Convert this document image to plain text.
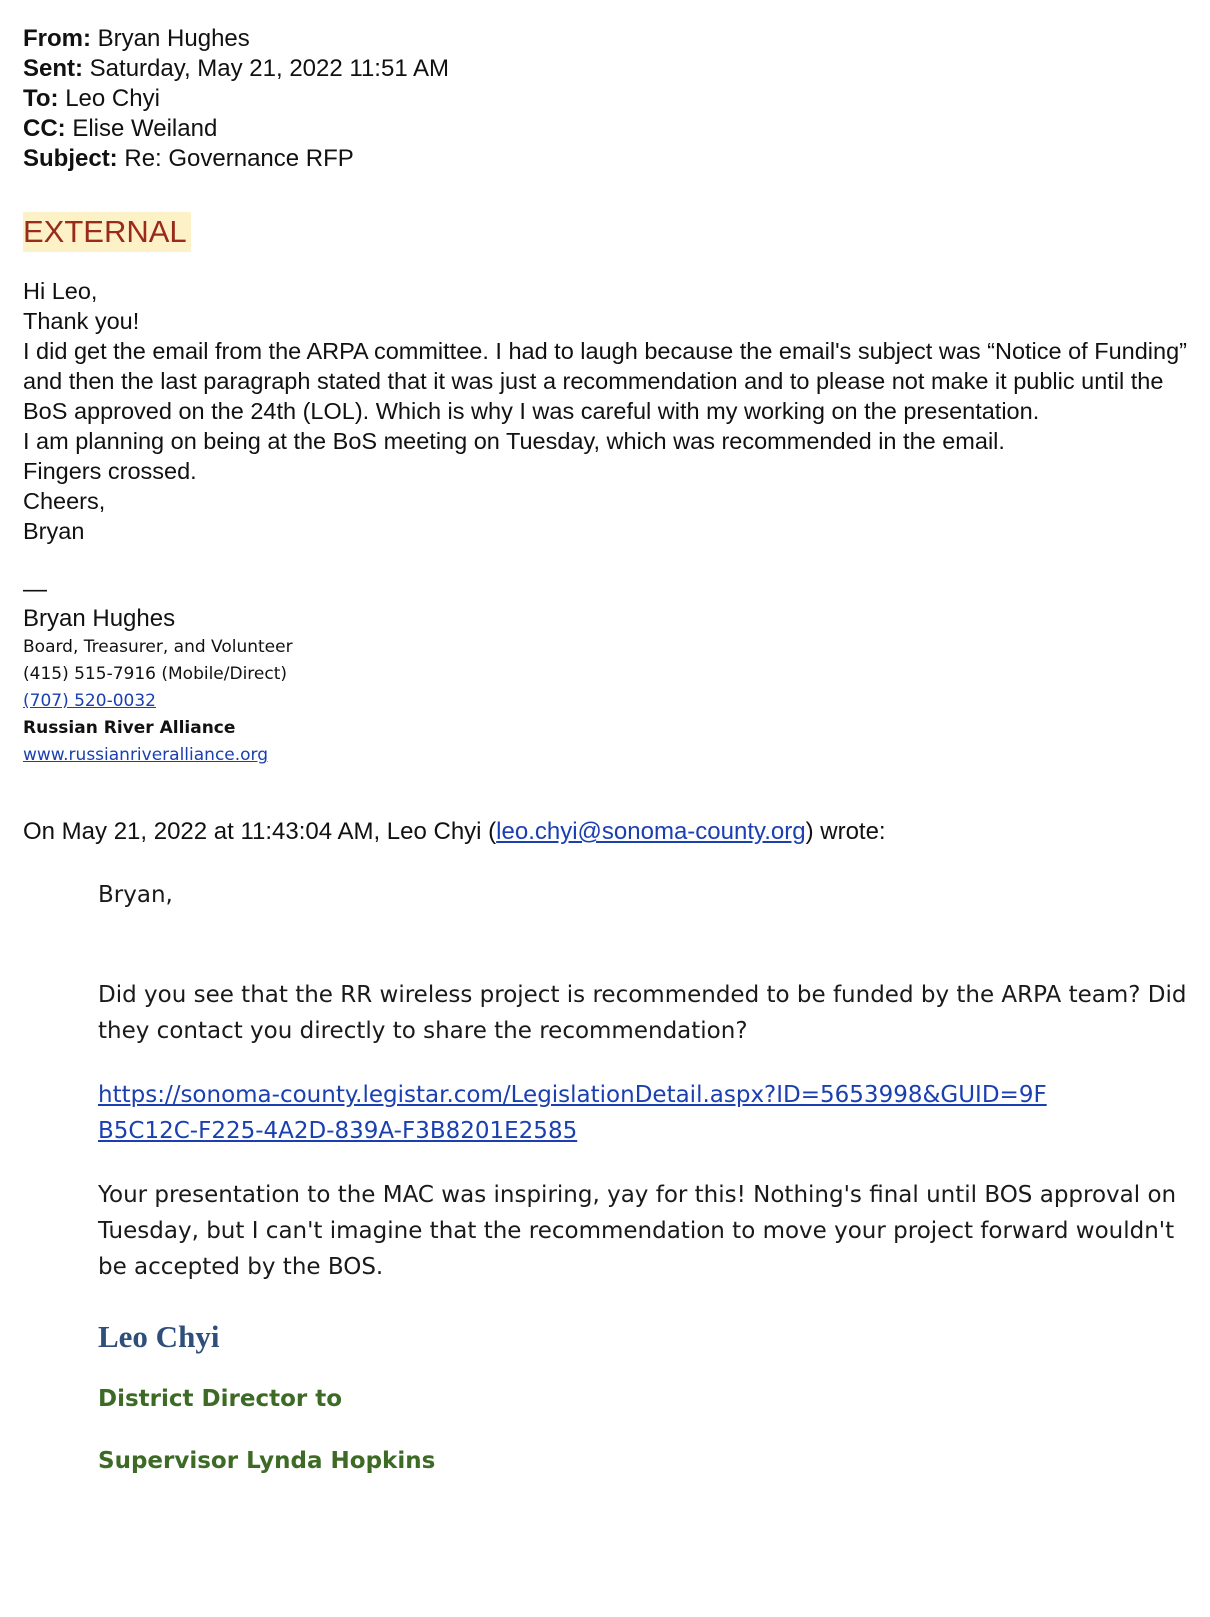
From: Bryan Hughes
Sent: Saturday, May 21, 2022 11:51 AM
To: Leo Chyi
CC: Elise Weiland
Subject: Re: Governance RFP
EXTERNAL

Hi Leo,

Thank you!

I did get the email from the ARPA committee. I had to laugh because the email's subject was “Notice of Funding” and then the last paragraph stated that it was just a recommendation and to please not make it public until the BoS approved on the 24th (LOL). Which is why I was careful with my working on the presentation.

I am planning on being at the BoS meeting on Tuesday, which was recommended in the email.

Fingers crossed.

Cheers,

Bryan

—
Bryan Hughes
Board, Treasurer, and Volunteer
(415) 515-7916 (Mobile/Direct)
(707) 520-0032
Russian River Alliance
www.russianriveralliance.org
On May 21, 2022 at 11:43:04 AM, Leo Chyi (leo.chyi@sonoma-county.org) wrote:

Bryan,

Did you see that the RR wireless project is recommended to be funded by the ARPA team? Did they contact you directly to share the recommendation?

https://sonoma-county.legistar.com/LegislationDetail.aspx?ID=5653998&GUID=9FB5C12C-F225-4A2D-839A-F3B8201E2585

Your presentation to the MAC was inspiring, yay for this! Nothing's final until BOS approval on Tuesday, but I can't imagine that the recommendation to move your project forward wouldn't be accepted by the BOS.

Leo Chyi
District Director to
Supervisor Lynda Hopkins
